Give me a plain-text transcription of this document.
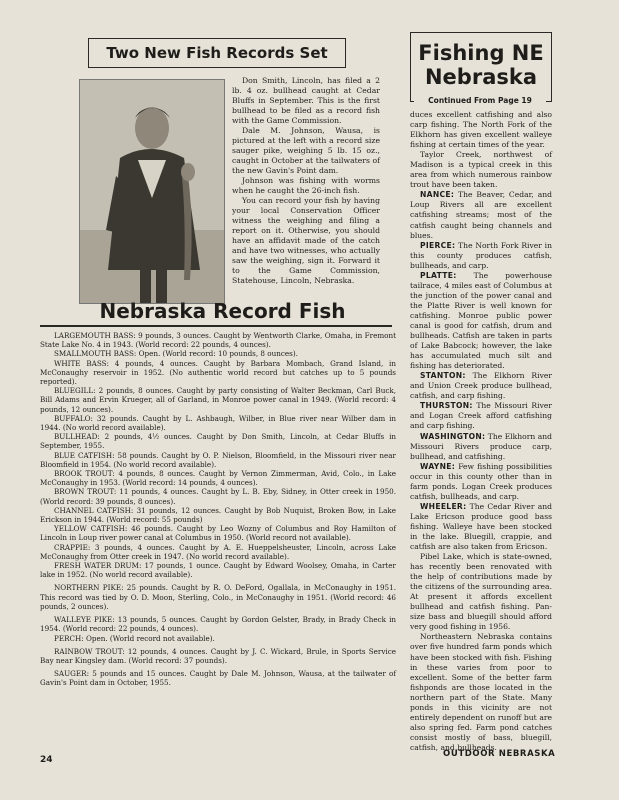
Two New Fish Records Set

Don Smith, Lincoln, has filed a 2 lb. 4 oz. bullhead caught at Cedar Bluffs in September. This is the first bullhead to be filed as a record fish with the Game Commission.

Dale M. Johnson, Wausa, is pictured at the left with a record size sauger pike, weighing 5 lb. 15 oz., caught in October at the tailwaters of the new Gavin's Point dam.

Johnson was fishing with worms when he caught the 26-inch fish.

You can record your fish by having your local Conservation Officer witness the weighing and filing a report on it. Otherwise, you should have an affidavit made of the catch and have two witnesses, who actually saw the weighing, sign it. Forward it to the Game Commission, Statehouse, Lincoln, Nebraska.

Nebraska Record Fish

LARGEMOUTH BASS: 9 pounds, 3 ounces. Caught by Wentworth Clarke, Omaha, in Fremont State Lake No. 4 in 1943. (World record: 22 pounds, 4 ounces).

SMALLMOUTH BASS: Open. (World record: 10 pounds, 8 ounces).

WHITE BASS: 4 pounds, 4 ounces. Caught by Barbara Mombach, Grand Island, in McConaughy reservoir in 1952. (No authentic world record but catches up to 5 pounds reported).

BLUEGILL: 2 pounds, 8 ounces. Caught by party consisting of Walter Beckman, Carl Buck, Bill Adams and Ervin Krueger, all of Garland, in Monroe power canal in 1949. (World record: 4 pounds, 12 ounces).

BUFFALO: 32 pounds. Caught by L. Ashbaugh, Wilber, in Blue river near Wilber dam in 1944. (No world record available).

BULLHEAD: 2 pounds, 4½ ounces. Caught by Don Smith, Lincoln, at Cedar Bluffs in September, 1955.

BLUE CATFISH: 58 pounds. Caught by O. P. Nielson, Bloomfield, in the Missouri river near Bloomfield in 1954. (No world record available).

BROOK TROUT: 4 pounds, 8 ounces. Caught by Vernon Zimmerman, Avid, Colo., in Lake McConaughy in 1953. (World record: 14 pounds, 4 ounces).

BROWN TROUT: 11 pounds, 4 ounces. Caught by L. B. Eby, Sidney, in Otter creek in 1950. (World record: 39 pounds, 8 ounces).

CHANNEL CATFISH: 31 pounds, 12 ounces. Caught by Bob Nuquist, Broken Bow, in Lake Erickson in 1944. (World record: 55 pounds)

YELLOW CATFISH: 46 pounds. Caught by Leo Wozny of Columbus and Roy Hamilton of Lincoln in Loup river power canal at Columbus in 1950. (World record not available).

CRAPPIE: 3 pounds, 4 ounces. Caught by A. E. Hueppelsheuster, Lincoln, across Lake McConaughy from Otter creek in 1947. (No world record available).

FRESH WATER DRUM: 17 pounds, 1 ounce. Caught by Edward Woolsey, Omaha, in Carter lake in 1952. (No world record available).

NORTHERN PIKE: 25 pounds. Caught by R. O. DeFord, Ogallala, in McConaughy in 1951. This record was tied by O. D. Moon, Sterling, Colo., in McConaughy in 1951. (World record: 46 pounds, 2 ounces).

WALLEYE PIKE: 13 pounds, 5 ounces. Caught by Gordon Gelster, Brady, in Brady Check in 1954. (World record: 22 pounds, 4 ounces).

PERCH: Open. (World record not available).

RAINBOW TROUT: 12 pounds, 4 ounces. Caught by J. C. Wickard, Brule, in Sports Service Bay near Kingsley dam. (World record: 37 pounds).

SAUGER: 5 pounds and 15 ounces. Caught by Dale M. Johnson, Wausa, at the tailwater of Gavin's Point dam in October, 1955.

Fishing NE
Nebraska
Continued From Page 19

duces excellent catfishing and also carp fishing. The North Fork of the Elkhorn has given excellent walleye fishing at certain times of the year.

Taylor Creek, northwest of Madison is a typical creek in this area from which numerous rainbow trout have been taken.

NANCE: The Beaver, Cedar, and Loup Rivers all are excellent catfishing streams; most of the catfish caught being channels and blues.

PIERCE: The North Fork River in this county produces catfish, bullheads, and carp.

PLATTE: The powerhouse tailrace, 4 miles east of Columbus at the junction of the power canal and the Platte River is well known for catfishing. Monroe public power canal is good for catfish, drum and bullheads. Catfish are taken in parts of Lake Babcock; however, the lake has accumulated much silt and fishing has deteriorated.

STANTON: The Elkhorn River and Union Creek produce bullhead, catfish, and carp fishing.

THURSTON: The Missouri River and Logan Creek afford catfishing and carp fishing.

WASHINGTON: The Elkhorn and Missouri Rivers produce carp, bullhead, and catfishing.

WAYNE: Few fishing possibilities occur in this county other than in farm ponds. Logan Creek produces catfish, bullheads, and carp.

WHEELER: The Cedar River and Lake Ericson produce good bass fishing. Walleye have been stocked in the lake. Bluegill, crappie, and catfish are also taken from Ericson.

Pibel Lake, which is state-owned, has recently been renovated with the help of contributions made by the citizens of the surrounding area. At present it affords excellent bullhead and catfish fishing. Pan-size bass and bluegill should afford very good fishing in 1956.

Northeastern Nebraska contains over five hundred farm ponds which have been stocked with fish. Fishing in these varies from poor to excellent. Some of the better farm fishponds are those located in the northern part of the State. Many ponds in this vicinity are not entirely dependent on runoff but are also spring fed. Farm pond catches consist mostly of bass, bluegill, catfish, and bullheads.

24
OUTDOOR NEBRASKA
